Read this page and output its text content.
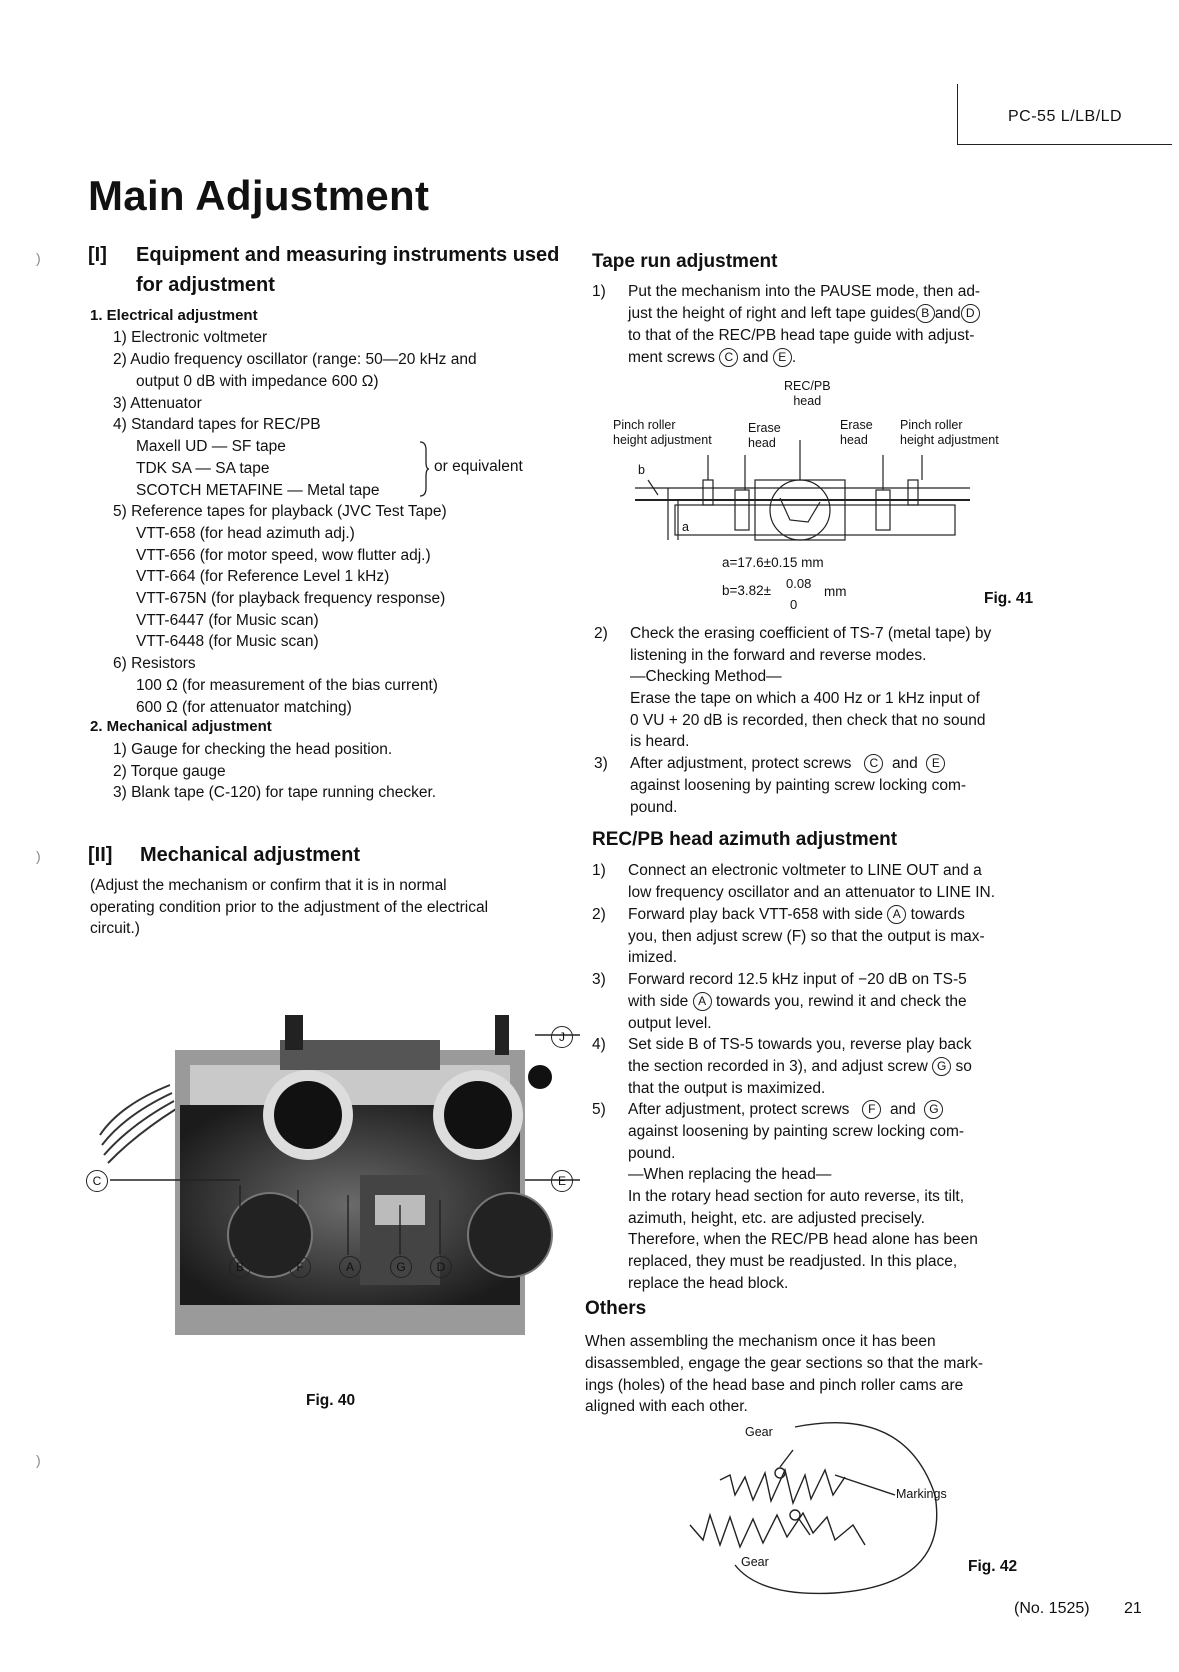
PC-55 L/LB/LD
Main Adjustment
)
)
)
[I] Equipment and measuring instruments used
for adjustment
1. Electrical adjustment
1) Electronic voltmeter
2) Audio frequency oscillator (range: 50—20 kHz and
output 0 dB with impedance 600 Ω)
3) Attenuator
4) Standard tapes for REC/PB
Maxell UD — SF tape
TDK SA — SA tape
SCOTCH METAFINE — Metal tape
or equivalent
5) Reference tapes for playback (JVC Test Tape)
VTT-658 (for head azimuth adj.)
VTT-656 (for motor speed, wow flutter adj.)
VTT-664 (for Reference Level 1 kHz)
VTT-675N (for playback frequency response)
VTT-6447 (for Music scan)
VTT-6448 (for Music scan)
6) Resistors
100 Ω (for measurement of the bias current)
600 Ω (for attenuator matching)
2. Mechanical adjustment
1) Gauge for checking the head position.
2) Torque gauge
3) Blank tape (C-120) for tape running checker.
[II] Mechanical adjustment
(Adjust the mechanism or confirm that it is in normal
operating condition prior to the adjustment of the electrical
circuit.)
C	E
J
B	F	A	G	D
Fig. 40
Tape run adjustment
1) Put the mechanism into the PAUSE mode, then ad-
just the height of right and left tape guides B and D
to that of the REC/PB head tape guide with adjust-
ment screws C and E .
REC/PB
head
Pinch roller
height adjustment
Erase
head
Erase
head
Pinch roller
height adjustment
b
a
a=17.6±0.15 mm
b=3.82± 0.08
0
mm	Fig. 41
2) Check the erasing coefficient of TS-7 (metal tape) by
listening in the forward and reverse modes.
—Checking Method—
Erase the tape on which a 400 Hz or 1 kHz input of
0 VU + 20 dB is recorded, then check that no sound
is heard.
3) After adjustment, protect screws C and E
against loosening by painting screw locking com-
pound.
REC/PB head azimuth adjustment
1) Connect an electronic voltmeter to LINE OUT and a
low frequency oscillator and an attenuator to LINE IN.
2) Forward play back VTT-658 with side A towards
you, then adjust screw (F) so that the output is max-
imized.
3) Forward record 12.5 kHz input of −20 dB on TS-5
with side A towards you, rewind it and check the
output level.
4) Set side B of TS-5 towards you, reverse play back
the section recorded in 3), and adjust screw G so
that the output is maximized.
5) After adjustment, protect screws F and G
against loosening by painting screw locking com-
pound.
—When replacing the head—
In the rotary head section for auto reverse, its tilt,
azimuth, height, etc. are adjusted precisely.
Therefore, when the REC/PB head alone has been
replaced, they must be readjusted. In this place,
replace the head block.
Others
When assembling the mechanism once it has been
disassembled, engage the gear sections so that the mark-
ings (holes) of the head base and pinch roller cams are
aligned with each other.
Gear
Markings
Gear	Fig. 42
(No. 1525) 21
